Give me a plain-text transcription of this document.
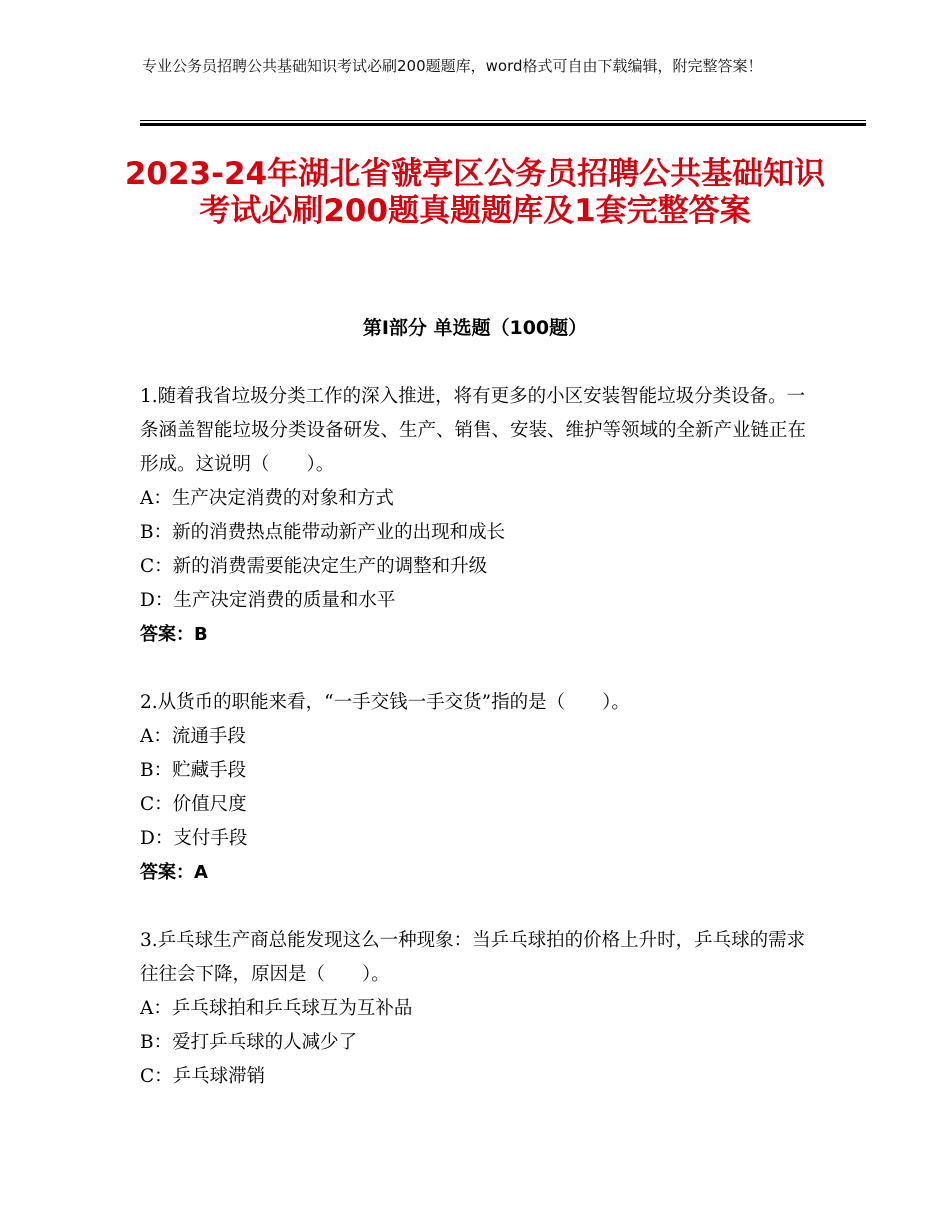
专业公务员招聘公共基础知识考试必刷200题题库，word格式可自由下载编辑，附完整答案！
2023-24年湖北省虢亭区公务员招聘公共基础知识考试必刷200题真题题库及1套完整答案
第Ⅰ部分 单选题（100题）

1.随着我省垃圾分类工作的深入推进，将有更多的小区安装智能垃圾分类设备。一条涵盖智能垃圾分类设备研发、生产、销售、安装、维护等领域的全新产业链正在形成。这说明（　　）。

A：生产决定消费的对象和方式

B：新的消费热点能带动新产业的出现和成长

C：新的消费需要能决定生产的调整和升级

D：生产决定消费的质量和水平

答案：B

2.从货币的职能来看，“一手交钱一手交货”指的是（　　）。

A：流通手段

B：贮藏手段

C：价值尺度

D：支付手段

答案：A

3.乒乓球生产商总能发现这么一种现象：当乒乓球拍的价格上升时，乒乓球的需求往往会下降，原因是（　　）。

A：乒乓球拍和乒乓球互为互补品

B：爱打乒乓球的人减少了

C：乒乓球滞销
